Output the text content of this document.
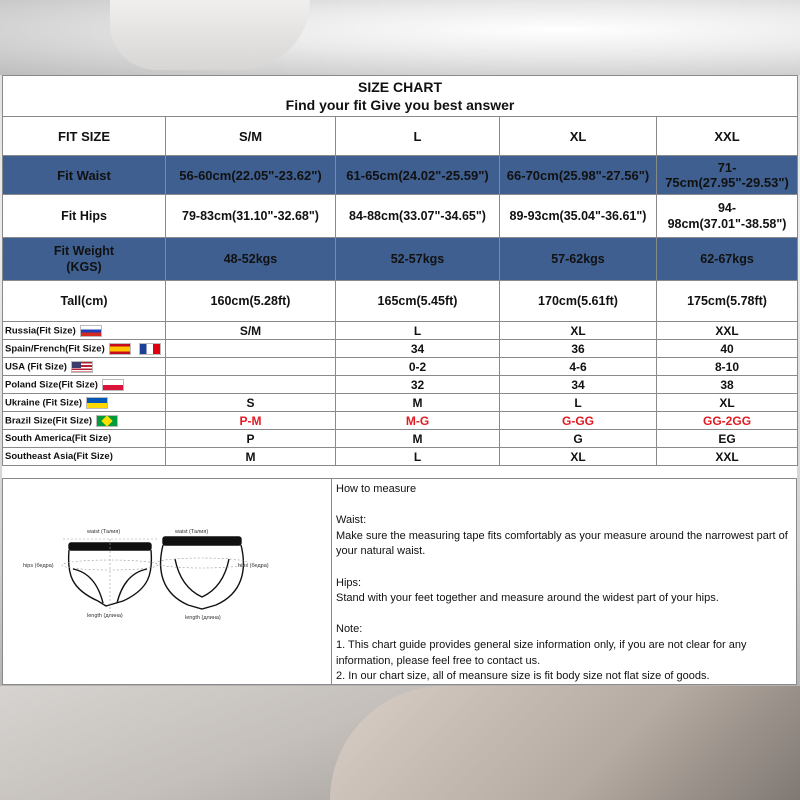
SIZE CHART
Find your fit Give you best answer				

FIT SIZE	S/M	L	XL	XXL
Fit Waist	56-60cm(22.05"-23.62")	61-65cm(24.02"-25.59")	66-70cm(25.98"-27.56")	71-75cm(27.95"-29.53")
Fit Hips	79-83cm(31.10"-32.68")	84-88cm(33.07"-34.65")	89-93cm(35.04"-36.61")	94-98cm(37.01"-38.58")
Fit Weight
(KGS)	48-52kgs	52-57kgs	57-62kgs	62-67kgs
Tall(cm)	160cm(5.28ft)	165cm(5.45ft)	170cm(5.61ft)	175cm(5.78ft)
Russia(Fit Size)	S/M	L	XL	XXL
Spain/French(Fit Size)		34	36	40
USA (Fit Size)		0-2	4-6	8-10
Poland Size(Fit Size)		32	34	38
Ukraine (Fit Size)	S	M	L	XL
Brazil Size(Fit Size)	P-M	M-G	G-GG	GG-2GG
South America(Fit Size)	P	M	G	EG
Southeast Asia(Fit Size)	M	L	XL	XXL
waist (Талия)
hips (бедра)
length (длина)
waist (Талия)
hips (бедра)
length (длина)

How to measure

Waist:

Make sure the measuring tape fits comfortably as your measure around the narrowest part of your natural waist.

Hips:

Stand with your feet together and measure around the widest part of your hips.

Note:

1. This chart guide provides general size information only, if you are not clear for any information, please feel free to contact us.

2. In our chart size, all of meansure size is fit body size not flat size of goods.
